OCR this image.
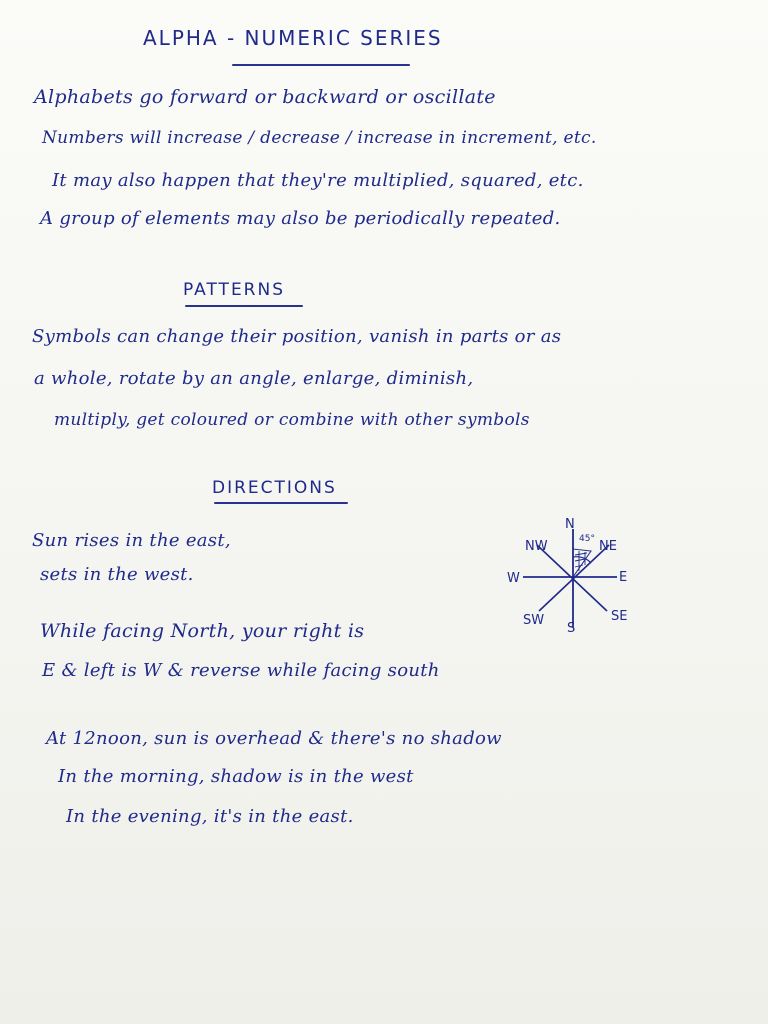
ALPHA - NUMERIC SERIES
Alphabets go forward or backward or oscillate
Numbers will increase / decrease / increase in increment, etc.
It may also happen that they're multiplied, squared, etc.
A group of elements may also be periodically repeated.
PATTERNS
Symbols can change their position, vanish in parts or as
a whole, rotate by an angle, enlarge, diminish,
multiply, get coloured or combine with other symbols
DIRECTIONS
Sun rises in the east,
sets in the west.
N
NW	45° NE
W	E
SW
S
SE
While facing North, your right is
E & left is W & reverse while facing south
At 12noon, sun is overhead & there's no shadow
In the morning, shadow is in the west
In the evening, it's in the east.
